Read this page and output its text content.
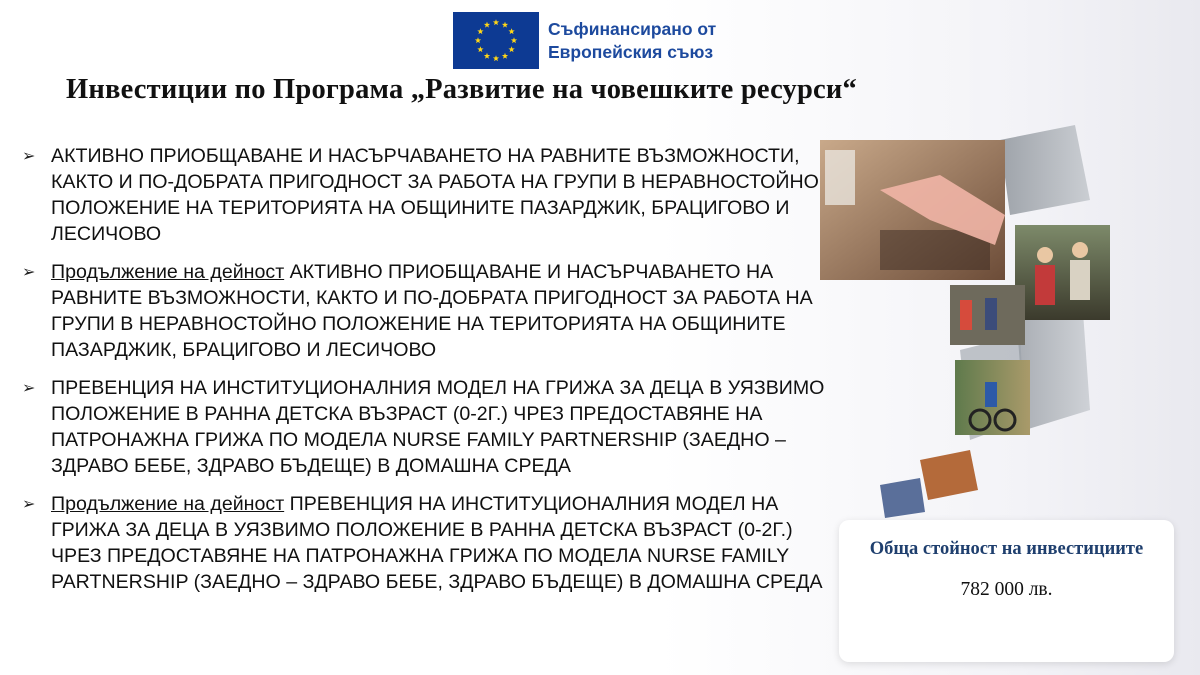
Съфинансирано от
Европейския съюз
Инвестиции по Програма „Развитие на човешките ресурси“
➢ АКТИВНО ПРИОБЩАВАНЕ И НАСЪРЧАВАНЕТО НА РАВНИТЕ ВЪЗМОЖНОСТИ, КАКТО И ПО-ДОБРАТА ПРИГОДНОСТ ЗА РАБОТА НА ГРУПИ В НЕРАВНОСТОЙНО ПОЛОЖЕНИЕ НА ТЕРИТОРИЯТА НА ОБЩИНИТЕ ПАЗАРДЖИК, БРАЦИГОВО И ЛЕСИЧОВО
➢ Продължение на дейност АКТИВНО ПРИОБЩАВАНЕ И НАСЪРЧАВАНЕТО НА РАВНИТЕ ВЪЗМОЖНОСТИ, КАКТО И ПО-ДОБРАТА ПРИГОДНОСТ ЗА РАБОТА НА ГРУПИ В НЕРАВНОСТОЙНО ПОЛОЖЕНИЕ НА ТЕРИТОРИЯТА НА ОБЩИНИТЕ ПАЗАРДЖИК, БРАЦИГОВО И ЛЕСИЧОВО
➢ ПРЕВЕНЦИЯ НА ИНСТИТУЦИОНАЛНИЯ МОДЕЛ НА ГРИЖА ЗА ДЕЦА В УЯЗВИМО ПОЛОЖЕНИЕ В РАННА ДЕТСКА ВЪЗРАСТ (0-2Г.) ЧРЕЗ ПРЕДОСТАВЯНЕ НА ПАТРОНАЖНА ГРИЖА ПО МОДЕЛА NURSE FAMILY PARTNERSHIP (ЗАЕДНО – ЗДРАВО БЕБЕ, ЗДРАВО БЪДЕЩЕ) В ДОМАШНА СРЕДА
➢ Продължение на дейност ПРЕВЕНЦИЯ НА ИНСТИТУЦИОНАЛНИЯ МОДЕЛ НА ГРИЖА ЗА ДЕЦА В УЯЗВИМО ПОЛОЖЕНИЕ В РАННА ДЕТСКА ВЪЗРАСТ (0-2Г.) ЧРЕЗ ПРЕДОСТАВЯНЕ НА ПАТРОНАЖНА ГРИЖА ПО МОДЕЛА NURSE FAMILY PARTNERSHIP (ЗАЕДНО – ЗДРАВО БЕБЕ, ЗДРАВО БЪДЕЩЕ) В ДОМАШНА СРЕДА
Обща стойност на инвестициите
782 000 лв.
